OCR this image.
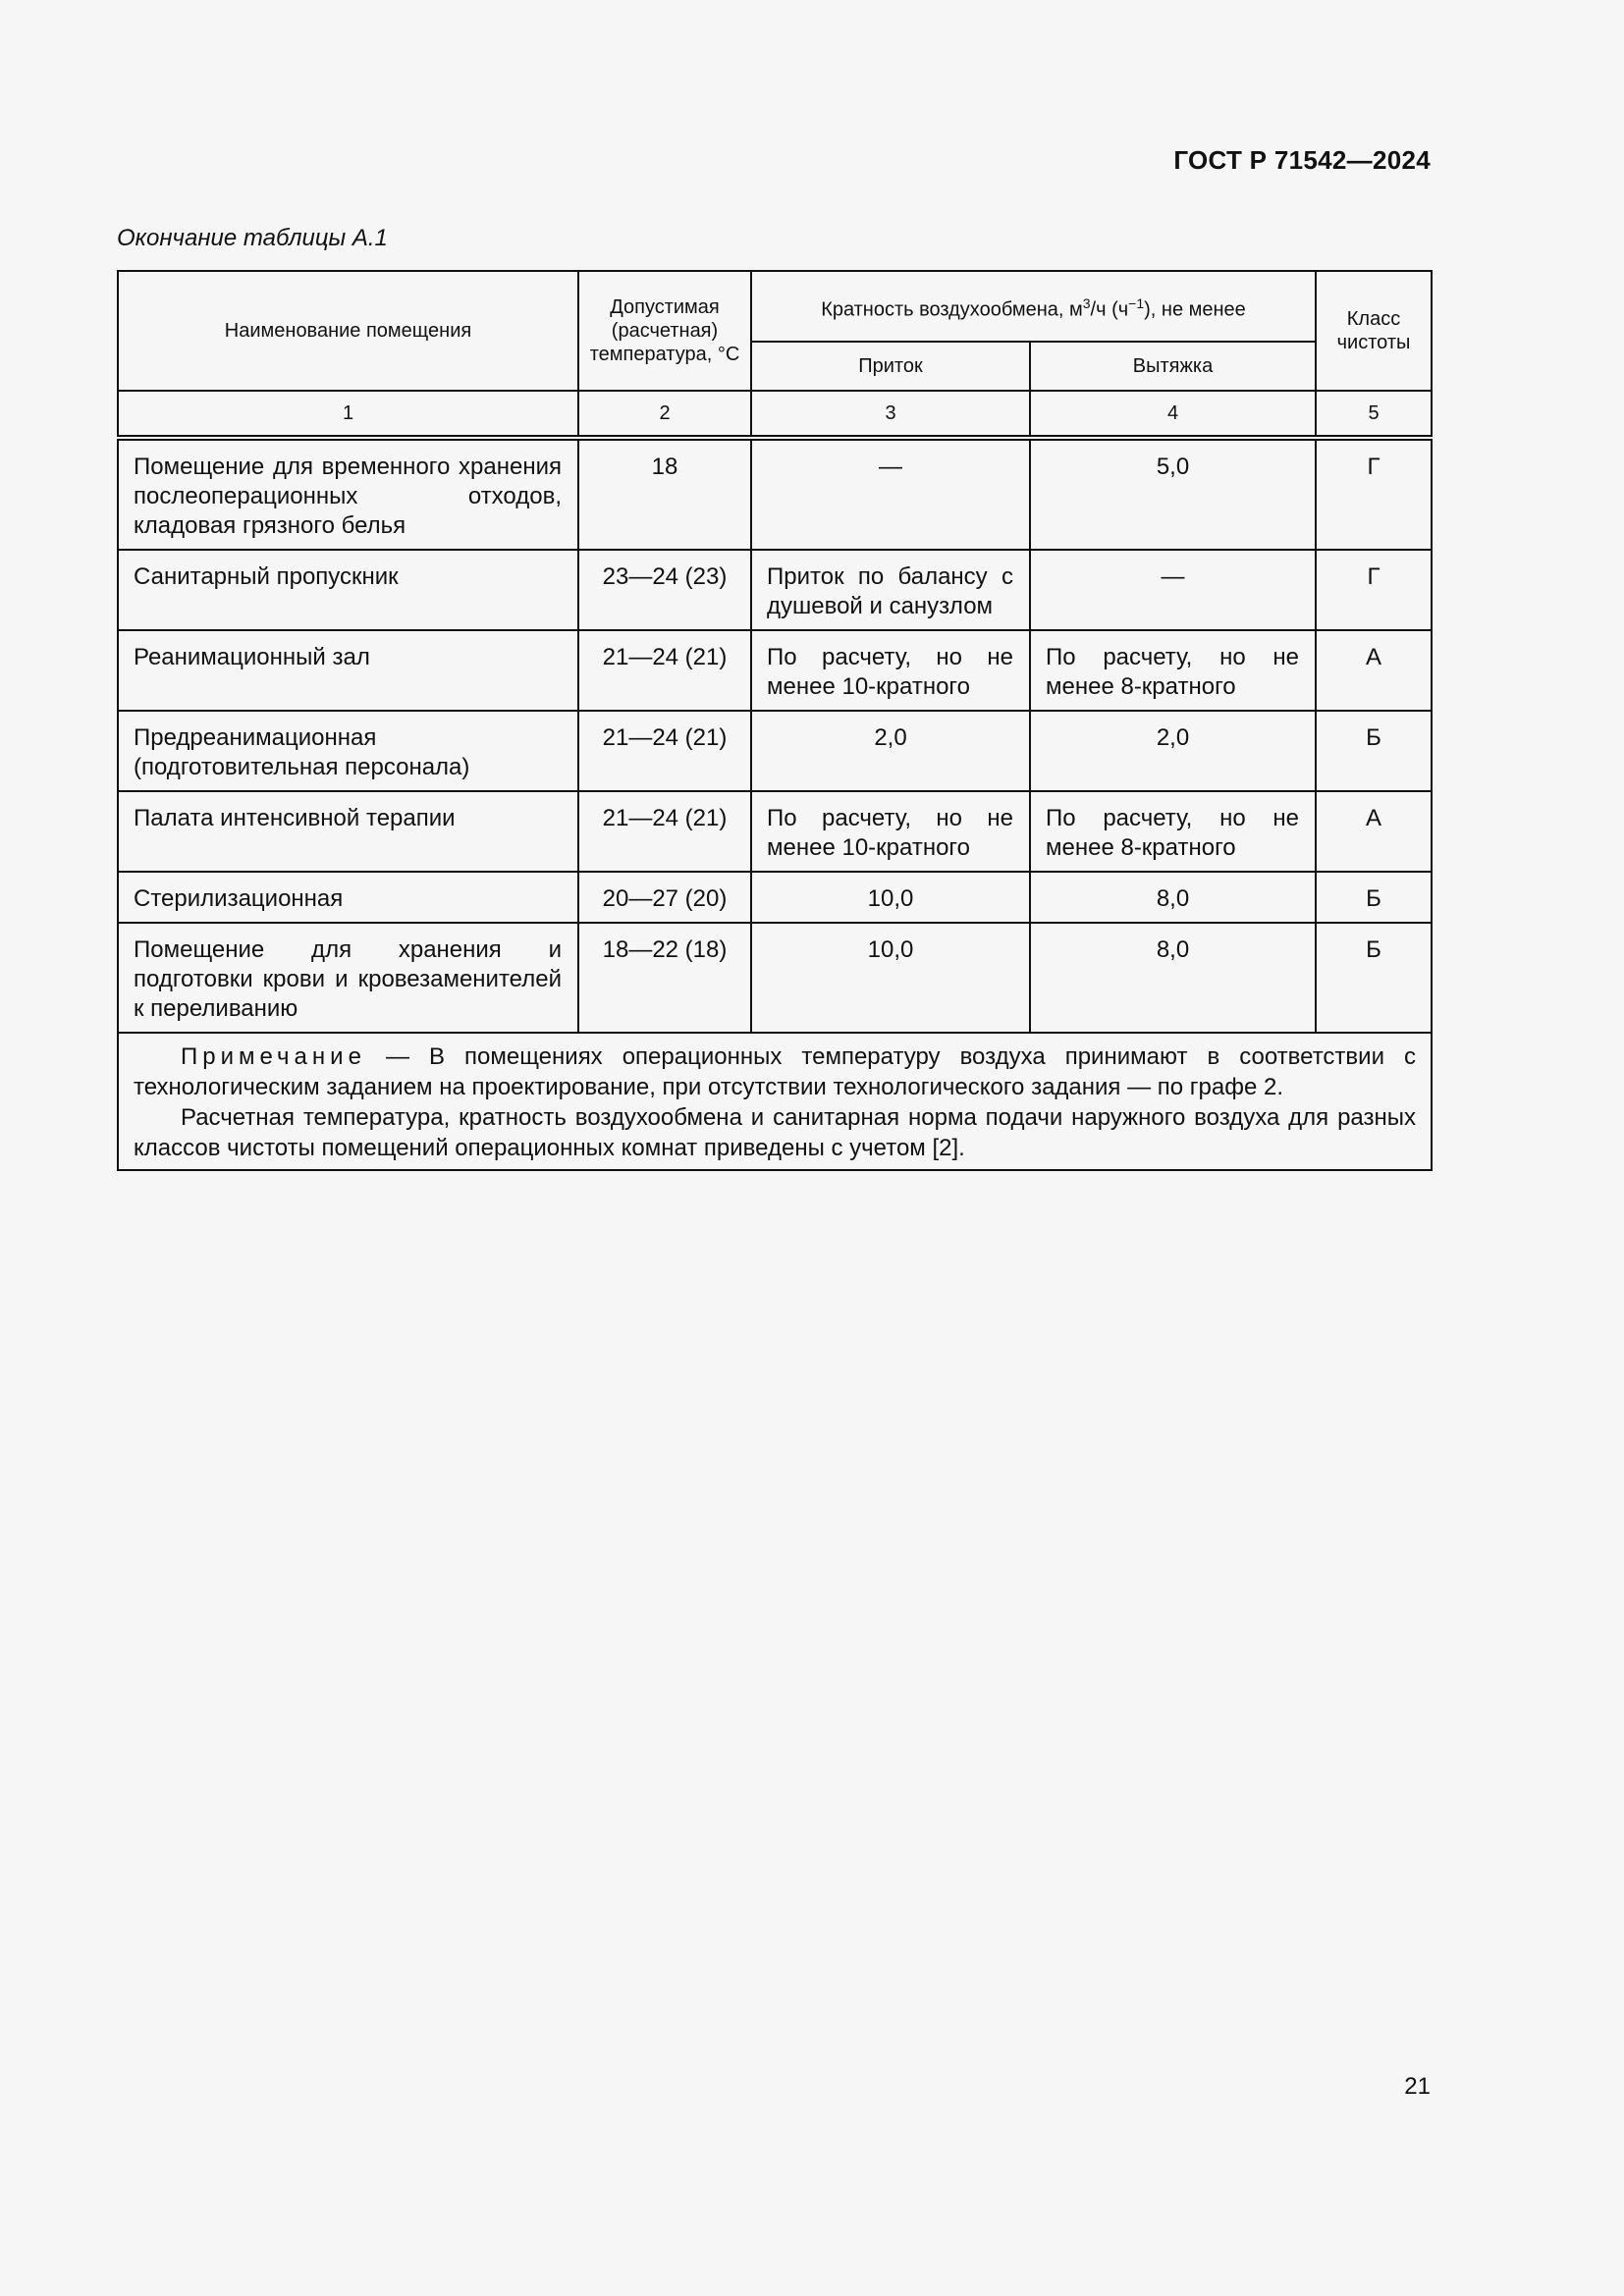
ГОСТ Р 71542—2024
Окончание таблицы А.1
Наименование помещения	Допустимая (расчетная) температура, °С	Кратность воздухообмена, $м^3/ч$ $(ч^{-1})$, не менее		Класс чистоты
		Приток	Вытяжка	
1	2	3	4	5
Помещение для временного хранения послеоперационных отходов, кладовая грязного белья	18	—	5,0	Г
Санитарный пропускник	23—24 (23)	Приток по балансу с душевой и санузлом	—	Г
Реанимационный зал	21—24 (21)	По расчету, но не менее 10-кратного	По расчету, но не менее 8-кратного	А
Предреанимационная (подготовительная персонала)	21—24 (21)	2,0	2,0	Б
Палата интенсивной терапии	21—24 (21)	По расчету, но не менее 10-кратного	По расчету, но не менее 8-кратного	А
Стерилизационная	20—27 (20)	10,0	8,0	Б
Помещение для хранения и подготовки крови и кровезаменителей к переливанию	18—22 (18)	10,0	8,0	Б

Примечание — В помещениях операционных температуру воздуха принимают в соответствии с технологическим заданием на проектирование, при отсутствии технологического задания — по графе 2.

Расчетная температура, кратность воздухообмена и санитарная норма подачи наружного воздуха для разных классов чистоты помещений операционных комнат приведены с учетом [2].				

21
